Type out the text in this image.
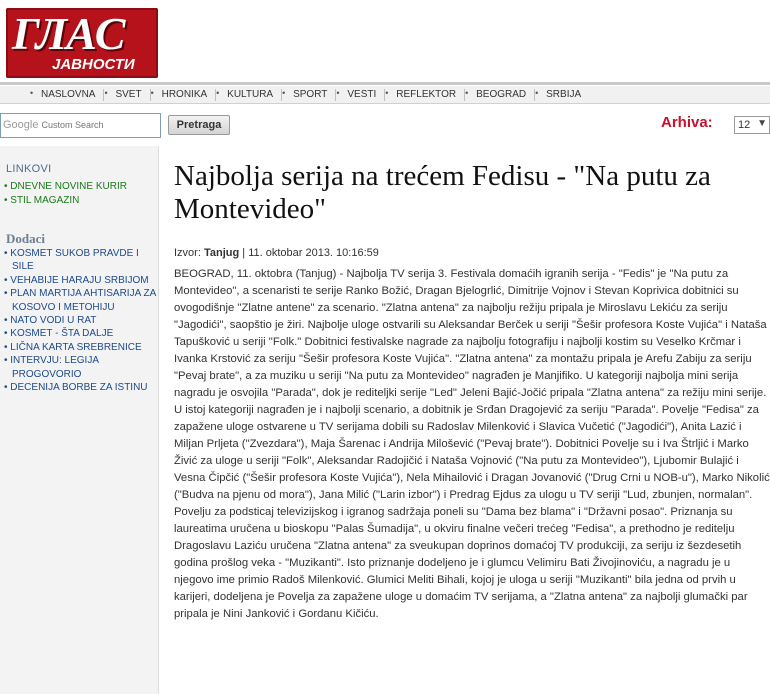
ГЛАС
ЈАВНОСТИ
• NASLOVNA	• SVET	• HRONIKA	• KULTURA	• SPORT	• VESTI	• REFLEKTOR	• BEOGRAD	• SRBIJA
Google Custom Search	Pretraga	Arhiva:	12 ▼
LINKOVI
• DNEVNE NOVINE KURIR
• STIL MAGAZIN
Dodaci
• KOSMET SUKOB PRAVDE I SILE
• VEHABIJE HARAJU SRBIJOM
• PLAN MARTIJA AHTISARIJA ZA KOSOVO I METOHIJU
• NATO VODI U RAT
• KOSMET - ŠTA DALJE
• LIČNA KARTA SREBRENICE
• INTERVJU: LEGIJA PROGOVORIO
• DECENIJA BORBE ZA ISTINU
Najbolja serija na trećem Fedisu - "Na putu za Montevideo"
Izvor: Tanjug | 11. oktobar 2013. 10:16:59
BEOGRAD, 11. oktobra (Tanjug) - Najbolja TV serija 3. Festivala domaćih igranih serija - "Fedis" je "Na putu za Montevideo", a scenaristi te serije Ranko Božić, Dragan Bjelogrlić, Dimitrije Vojnov i Stevan Koprivica dobitnici su ovogodišnje "Zlatne antene" za scenario. "Zlatna antena" za najbolju režiju pripala je Miroslavu Lekiću za seriju "Jagodići", saopštio je žiri. Najbolje uloge ostvarili su Aleksandar Berček u seriji "Šešir profesora Koste Vujića" i Nataša Tapušković u seriji "Folk." Dobitnici festivalske nagrade za najbolju fotografiju i najbolji kostim su Veselko Krčmar i Ivanka Krstović za seriju "Šešir profesora Koste Vujića". "Zlatna antena" za montažu pripala je Arefu Zabiju za seriju "Pevaj brate", a za muziku u seriji "Na putu za Montevideo" nagrađen je Manjifiko. U kategoriji najbolja mini serija nagradu je osvojila "Parada", dok je rediteljki serije "Led" Jeleni Bajić-Jočić pripala "Zlatna antena" za režiju mini serije. U istoj kategoriji nagrađen je i najbolji scenario, a dobitnik je Srđan Dragojević za seriju "Parada". Povelje "Fedisa" za zapažene uloge ostvarene u TV serijama dobili su Radoslav Milenković i Slavica Vučetić ("Jagodići"), Anita Lazić i Miljan Prljeta ("Zvezdara"), Maja Šarenac i Andrija Milošević ("Pevaj brate"). Dobitnici Povelje su i Iva Štrljić i Marko Živić za uloge u seriji "Folk", Aleksandar Radojičić i Nataša Vojnović ("Na putu za Montevideo"), Ljubomir Bulajić i Vesna Čipčić ("Šešir profesora Koste Vujića"), Nela Mihailović i Dragan Jovanović ("Drug Crni u NOB-u"), Marko Nikolić ("Budva na pjenu od mora"), Jana Milić ("Larin izbor") i Predrag Ejdus za ulogu u TV seriji "Lud, zbunjen, normalan". Povelju za podsticaj televizijskog i igranog sadržaja poneli su "Dama bez blama" i "Državni posao". Priznanja su laureatima uručena u bioskopu "Palas Šumadija", u okviru finalne večeri trećeg "Fedisa", a prethodno je reditelju Dragoslavu Laziću uručena "Zlatna antena" za sveukupan doprinos domaćoj TV produkciji, za seriju iz šezdesetih godina prošlog veka - "Muzikanti". Isto priznanje dodeljeno je i glumcu Velimiru Bati Živojinoviću, a nagradu je u njegovo ime primio Radoš Milenković. Glumici Meliti Bihali, kojoj je uloga u seriji "Muzikanti" bila jedna od prvih u karijeri, dodeljena je Povelja za zapažene uloge u domaćim TV serijama, a "Zlatna antena" za najbolji glumački par pripala je Nini Janković i Gordanu Kičiću.
